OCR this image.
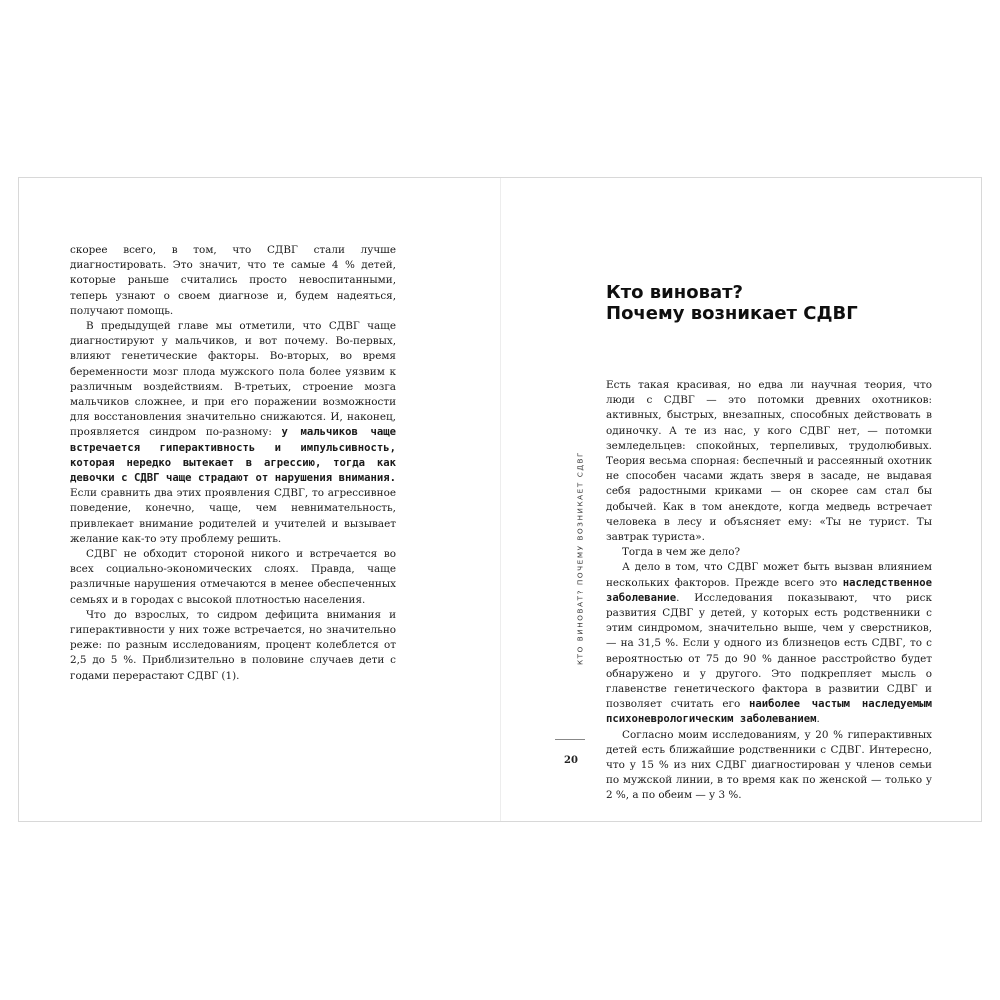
скорее всего, в том, что СДВГ стали лучше диагностировать. Это значит, что те самые 4 % детей, которые раньше считались просто невоспитанными, теперь узнают о своем диагнозе и, будем надеяться, получают помощь.

В предыдущей главе мы отметили, что СДВГ чаще диагностируют у мальчиков, и вот почему. Во-первых, влияют генетические факторы. Во-вторых, во время беременности мозг плода мужского пола более уязвим к различным воздействиям. В-третьих, строение мозга мальчиков сложнее, и при его поражении возможности для восстановления значительно снижаются. И, наконец, проявляется синдром по-разному: у мальчиков чаще встречается гиперактивность и импульсивность, которая нередко вытекает в агрессию, тогда как девочки с СДВГ чаще страдают от нарушения внимания. Если сравнить два этих проявления СДВГ, то агрессивное поведение, конечно, чаще, чем невнимательность, привлекает внимание родителей и учителей и вызывает желание как-то эту проблему решить.

СДВГ не обходит стороной никого и встречается во всех социально-экономических слоях. Правда, чаще различные нарушения отмечаются в менее обеспеченных семьях и в городах с высокой плотностью населения.

Что до взрослых, то сидром дефицита внимания и гиперактивности у них тоже встречается, но значительно реже: по разным исследованиям, процент колеблется от 2,5 до 5 %. Приблизительно в половине случаев дети с годами перерастают СДВГ (1).

Кто виноват?
Почему возникает СДВГ
КТО ВИНОВАТ? ПОЧЕМУ ВОЗНИКАЕТ СДВГ
20

Есть такая красивая, но едва ли научная теория, что люди с СДВГ — это потомки древних охотников: активных, быстрых, внезапных, способных действовать в одиночку. А те из нас, у кого СДВГ нет, — потомки земледельцев: спокойных, терпеливых, трудолюбивых. Теория весьма спорная: беспечный и рассеянный охотник не способен часами ждать зверя в засаде, не выдавая себя радостными криками — он скорее сам стал бы добычей. Как в том анекдоте, когда медведь встречает человека в лесу и объясняет ему: «Ты не турист. Ты завтрак туриста».

Тогда в чем же дело?

А дело в том, что СДВГ может быть вызван влиянием нескольких факторов. Прежде всего это наследственное заболевание. Исследования показывают, что риск развития СДВГ у детей, у которых есть родственники с этим синдромом, значительно выше, чем у сверстников, — на 31,5 %. Если у одного из близнецов есть СДВГ, то с вероятностью от 75 до 90 % данное расстройство будет обнаружено и у другого. Это подкрепляет мысль о главенстве генетического фактора в развитии СДВГ и позволяет считать его наиболее частым наследуемым психоневрологическим заболеванием.

Согласно моим исследованиям, у 20 % гиперактивных детей есть ближайшие родственники с СДВГ. Интересно, что у 15 % из них СДВГ диагностирован у членов семьи по мужской линии, в то время как по женской — только у 2 %, а по обеим — у 3 %.
